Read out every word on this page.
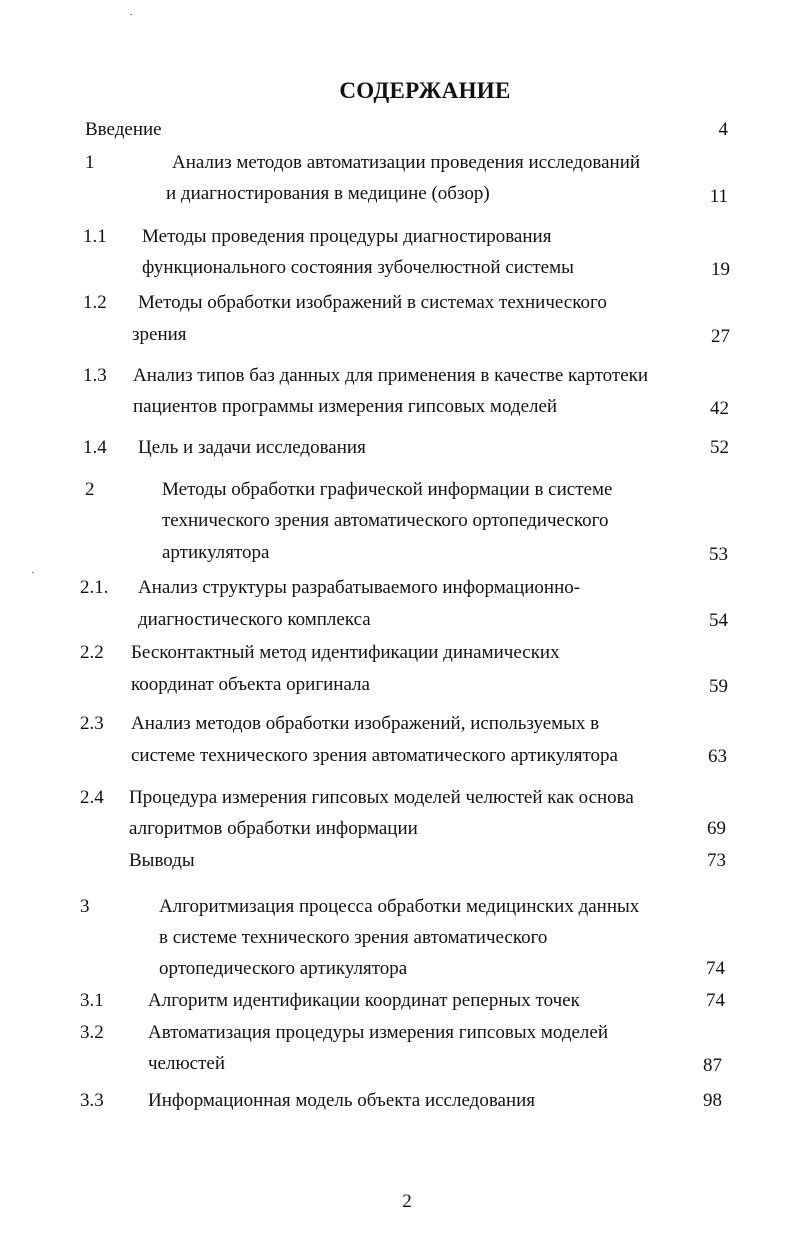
СОДЕРЖАНИЕ
Введение	4
1	Анализ методов автоматизации проведения исследований
и диагностирования в медицине (обзор)	11
1.1 Методы проведения процедуры диагностирования
функционального состояния зубочелюстной системы	19
1.2 Методы обработки изображений в системах технического
зрения	27
1.3 Анализ типов баз данных для применения в качестве картотеки
пациентов программы измерения гипсовых моделей	42
1.4 Цель и задачи исследования	52
2	Методы обработки графической информации в системе
технического зрения автоматического ортопедического
артикулятора	53
2.1. Анализ структуры разрабатываемого информационно-
диагностического комплекса	54
2.2 Бесконтактный метод идентификации динамических
координат объекта оригинала	59
2.3 Анализ методов обработки изображений, используемых в
системе технического зрения автоматического артикулятора	63
2.4 Процедура измерения гипсовых моделей челюстей как основа
алгоритмов обработки информации	69
Выводы	73
3	Алгоритмизация процесса обработки медицинских данных
в системе технического зрения автоматического
ортопедического артикулятора	74
3.1 Алгоритм идентификации координат реперных точек	74
3.2 Автоматизация процедуры измерения гипсовых моделей
челюстей	87
3.3 Информационная модель объекта исследования	98
2
